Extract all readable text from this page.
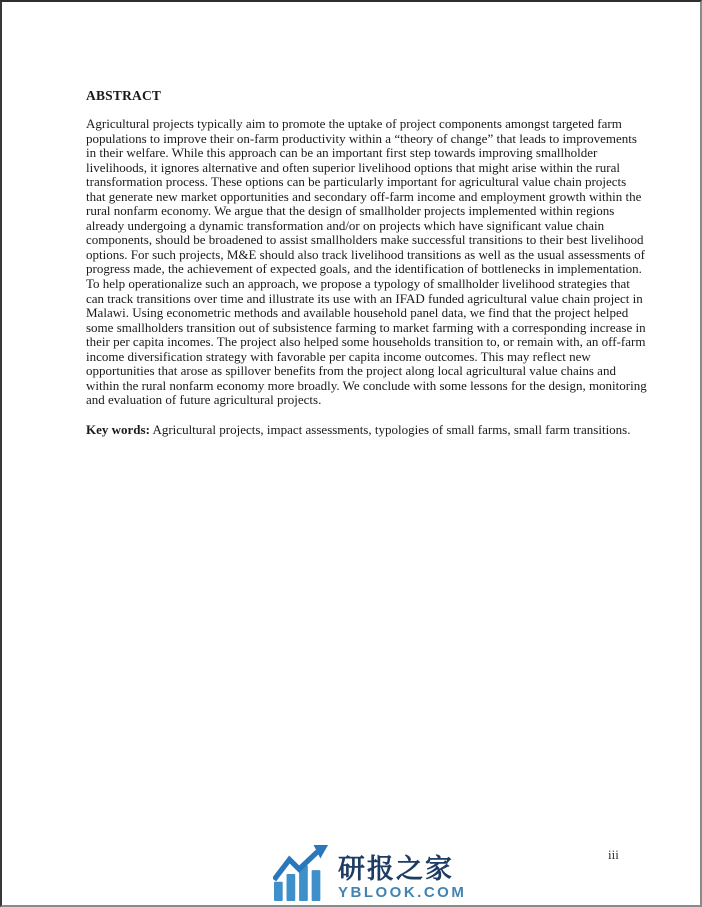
ABSTRACT

Agricultural projects typically aim to promote the uptake of project components amongst targeted farm populations to improve their on-farm productivity within a “theory of change” that leads to improvements in their welfare. While this approach can be an important first step towards improving smallholder livelihoods, it ignores alternative and often superior livelihood options that might arise within the rural transformation process. These options can be particularly important for agricultural value chain projects that generate new market opportunities and secondary off-farm income and employment growth within the rural nonfarm economy. We argue that the design of smallholder projects implemented within regions already undergoing a dynamic transformation and/or on projects which have significant value chain components, should be broadened to assist smallholders make successful transitions to their best livelihood options. For such projects, M&E should also track livelihood transitions as well as the usual assessments of progress made, the achievement of expected goals, and the identification of bottlenecks in implementation. To help operationalize such an approach, we propose a typology of smallholder livelihood strategies that can track transitions over time and illustrate its use with an IFAD funded agricultural value chain project in Malawi. Using econometric methods and available household panel data, we find that the project helped some smallholders transition out of subsistence farming to market farming with a corresponding increase in their per capita incomes. The project also helped some households transition to, or remain with, an off-farm income diversification strategy with favorable per capita income outcomes. This may reflect new opportunities that arose as spillover benefits from the project along local agricultural value chains and within the rural nonfarm economy more broadly. We conclude with some lessons for the design, monitoring and evaluation of future agricultural projects.

Key words: Agricultural projects, impact assessments, typologies of small farms, small farm transitions.

iii
研报之家
YBLOOK.COM
